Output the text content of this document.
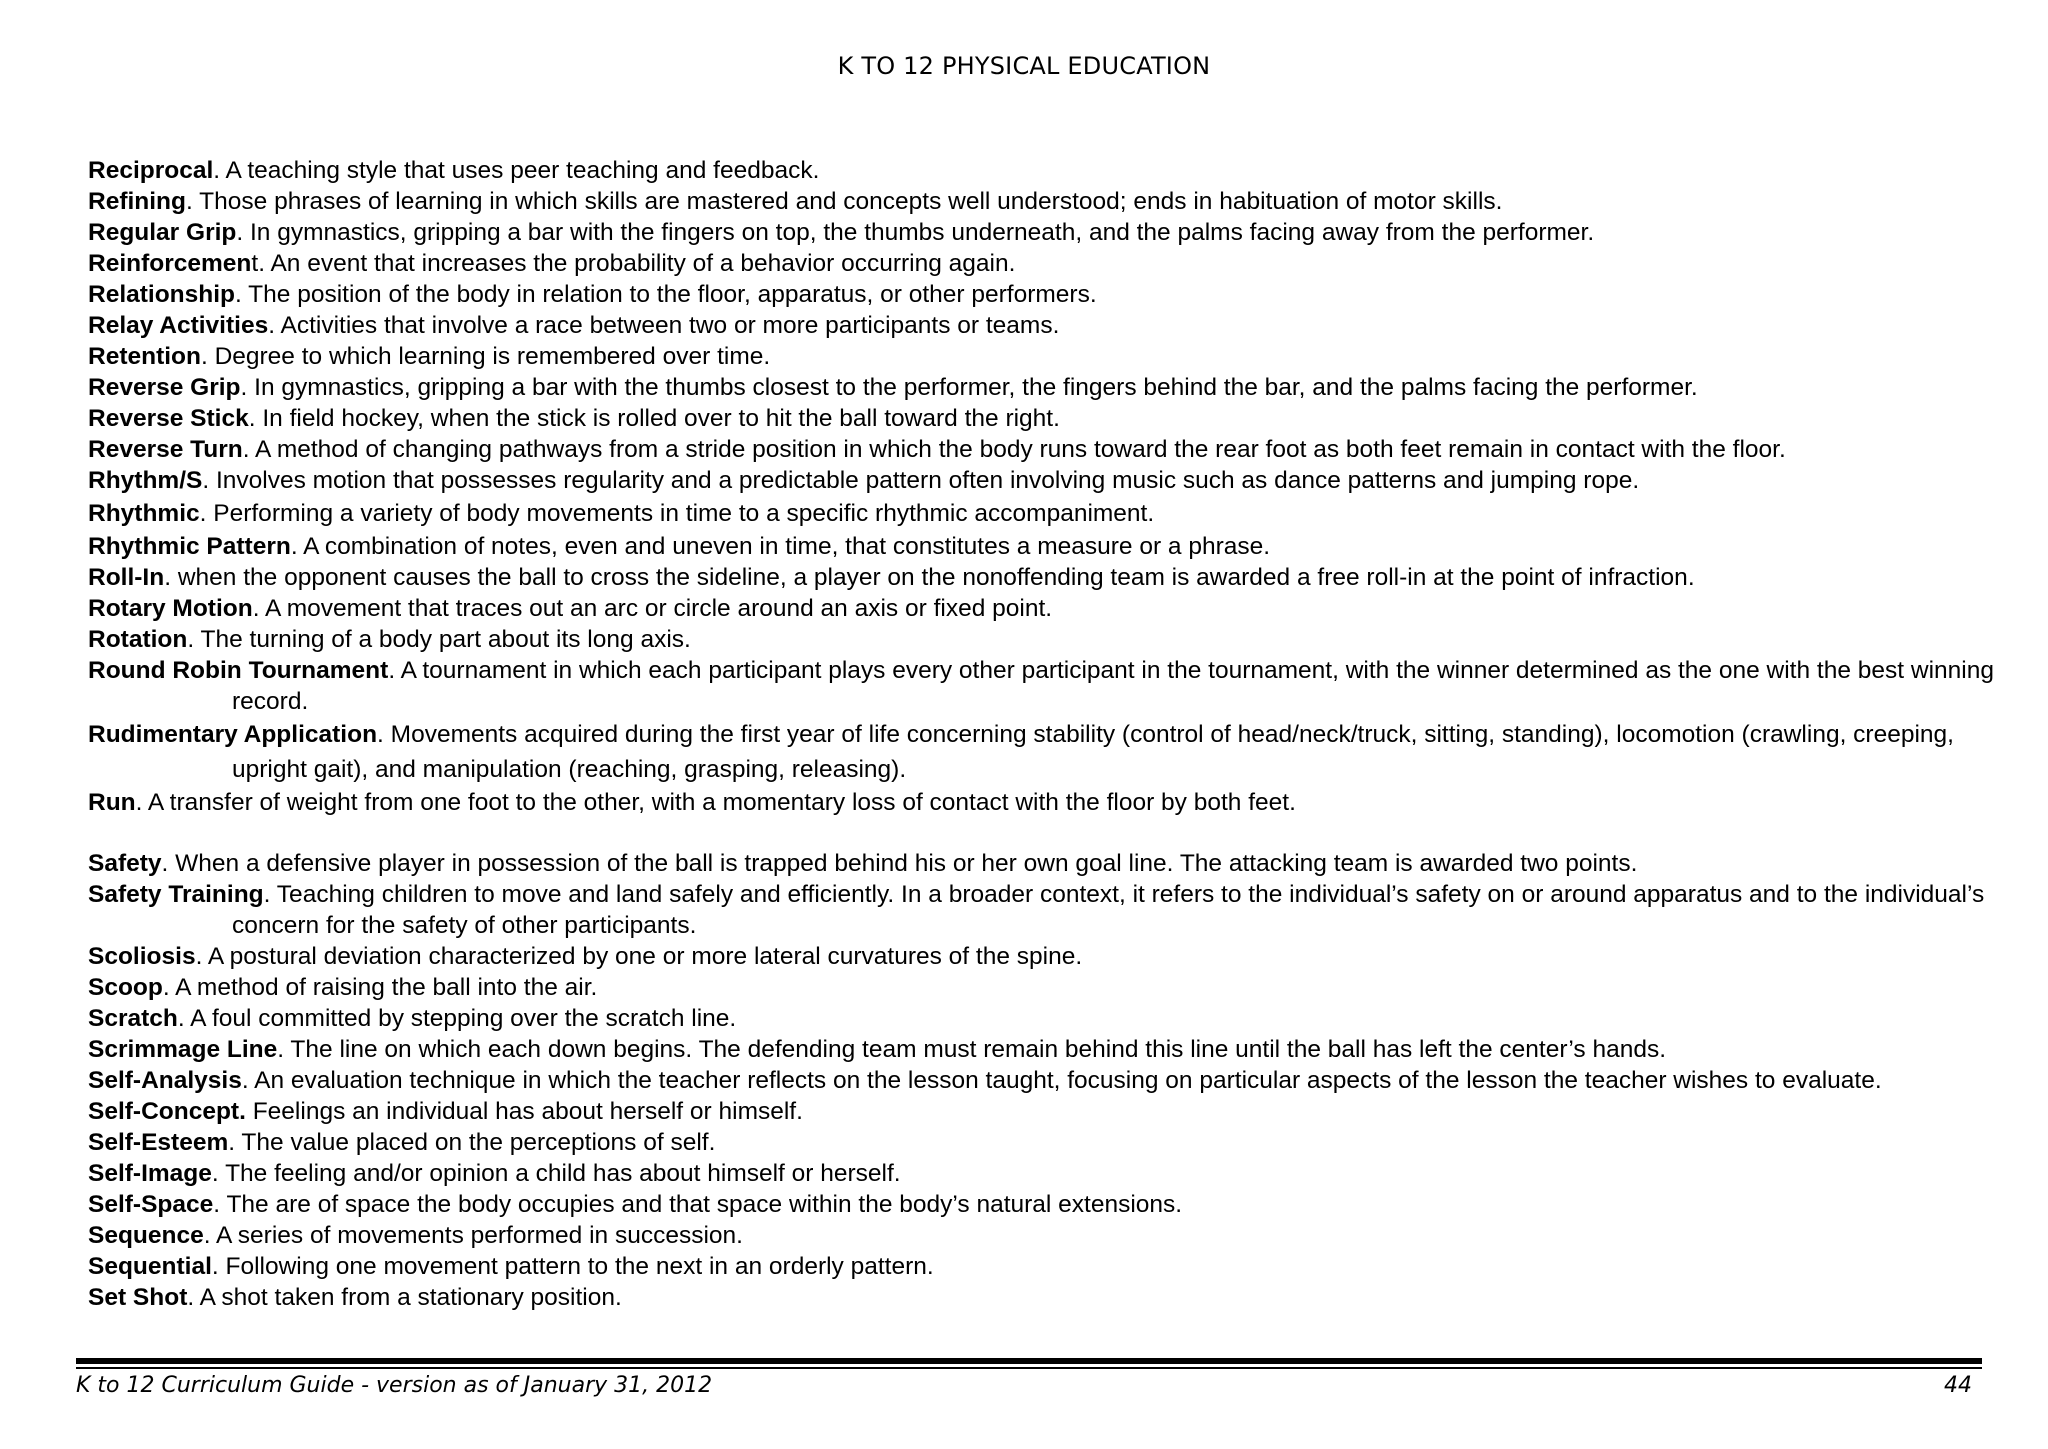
K TO 12 PHYSICAL EDUCATION
Reciprocal. A teaching style that uses peer teaching and feedback.
Refining. Those phrases of learning in which skills are mastered and concepts well understood; ends in habituation of motor skills.
Regular Grip. In gymnastics, gripping a bar with the fingers on top, the thumbs underneath, and the palms facing away from the performer.
Reinforcement. An event that increases the probability of a behavior occurring again.
Relationship. The position of the body in relation to the floor, apparatus, or other performers.
Relay Activities. Activities that involve a race between two or more participants or teams.
Retention. Degree to which learning is remembered over time.
Reverse Grip. In gymnastics, gripping a bar with the thumbs closest to the performer, the fingers behind the bar, and the palms facing the performer.
Reverse Stick. In field hockey, when the stick is rolled over to hit the ball toward the right.
Reverse Turn. A method of changing pathways from a stride position in which the body runs toward the rear foot as both feet remain in contact with the floor.
Rhythm/S. Involves motion that possesses regularity and a predictable pattern often involving music such as dance patterns and jumping rope.
Rhythmic. Performing a variety of body movements in time to a specific rhythmic accompaniment.
Rhythmic Pattern. A combination of notes, even and uneven in time, that constitutes a measure or a phrase.
Roll-In. when the opponent causes the ball to cross the sideline, a player on the nonoffending team is awarded a free roll-in at the point of infraction.
Rotary Motion. A movement that traces out an arc or circle around an axis or fixed point.
Rotation. The turning of a body part about its long axis.
Round Robin Tournament. A tournament in which each participant plays every other participant in the tournament, with the winner determined as the one with the best winning record.
Rudimentary Application. Movements acquired during the first year of life concerning stability (control of head/neck/truck, sitting, standing), locomotion (crawling, creeping, upright gait), and manipulation (reaching, grasping, releasing).
Run. A transfer of weight from one foot to the other, with a momentary loss of contact with the floor by both feet.
Safety. When a defensive player in possession of the ball is trapped behind his or her own goal line. The attacking team is awarded two points.
Safety Training. Teaching children to move and land safely and efficiently. In a broader context, it refers to the individual’s safety on or around apparatus and to the individual’s concern for the safety of other participants.
Scoliosis. A postural deviation characterized by one or more lateral curvatures of the spine.
Scoop. A method of raising the ball into the air.
Scratch. A foul committed by stepping over the scratch line.
Scrimmage Line. The line on which each down begins. The defending team must remain behind this line until the ball has left the center’s hands.
Self-Analysis. An evaluation technique in which the teacher reflects on the lesson taught, focusing on particular aspects of the lesson the teacher wishes to evaluate.
Self-Concept. Feelings an individual has about herself or himself.
Self-Esteem. The value placed on the perceptions of self.
Self-Image. The feeling and/or opinion a child has about himself or herself.
Self-Space. The are of space the body occupies and that space within the body’s natural extensions.
Sequence. A series of movements performed in succession.
Sequential. Following one movement pattern to the next in an orderly pattern.
Set Shot. A shot taken from a stationary position.
K to 12 Curriculum Guide - version as of January 31, 2012	44
